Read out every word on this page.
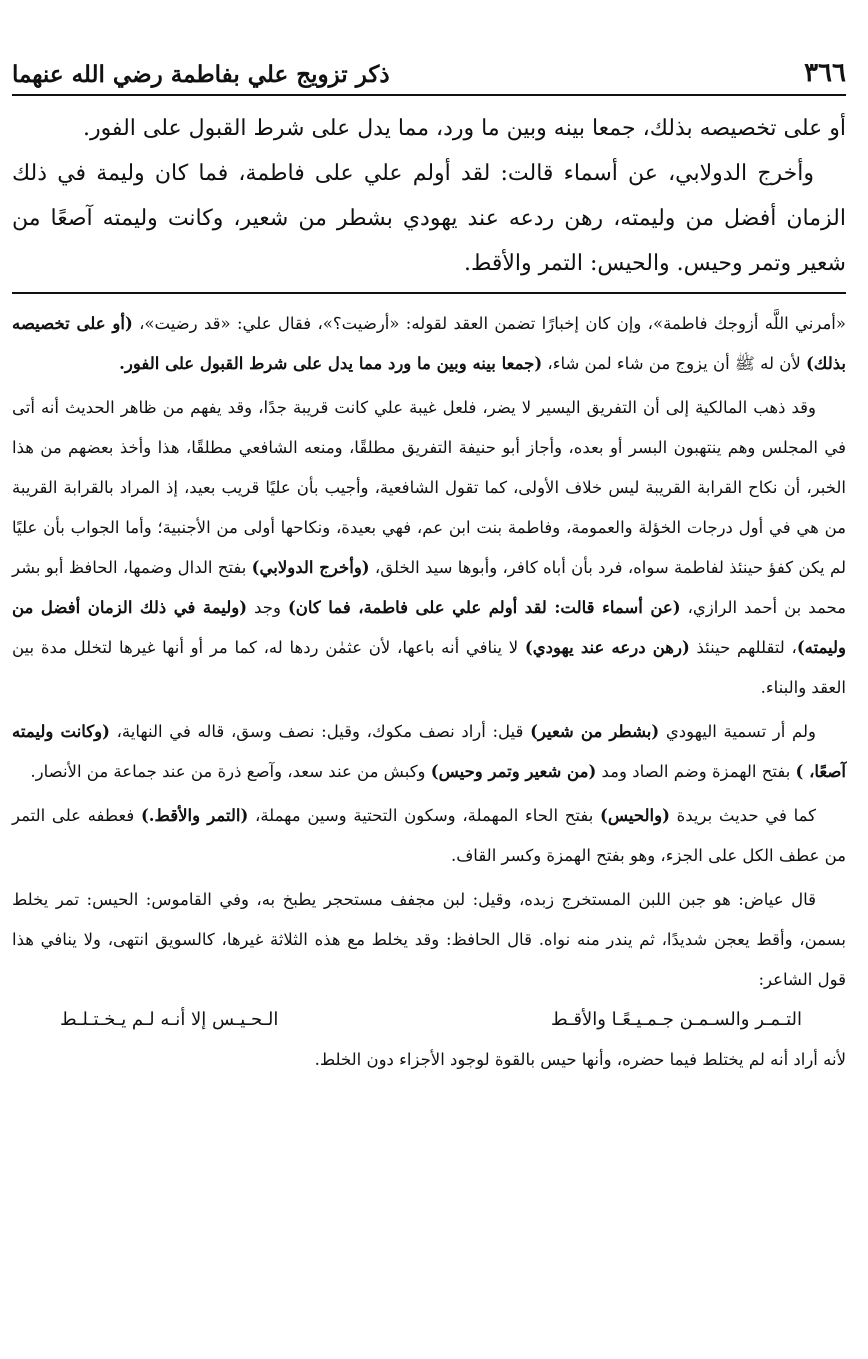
٣٦٦
ذكر تزويج علي بفاطمة رضي الله عنهما

أو على تخصيصه بذلك، جمعا بينه وبين ما ورد، مما يدل على شرط القبول على الفور.

وأخرج الدولابي، عن أسماء قالت: لقد أولم علي على فاطمة، فما كان وليمة في ذلك الزمان أفضل من وليمته، رهن ردعه عند يهودي بشطر من شعير، وكانت وليمته آصعًا من شعير وتمر وحيس. والحيس: التمر والأقط.

«أمرني اللَّه أزوجك فاطمة»، وإن كان إخبارًا تضمن العقد لقوله: «أرضيت؟»، فقال علي: «قد رضيت»، (أو على تخصيصه بذلك) لأن له ﷺ أن يزوج من شاء لمن شاء، (جمعا بينه وبين ما ورد مما يدل على شرط القبول على الفور.

وقد ذهب المالكية إلى أن التفريق اليسير لا يضر، فلعل غيبة علي كانت قريبة جدًا، وقد يفهم من ظاهر الحديث أنه أتى في المجلس وهم ينتهبون البسر أو بعده، وأجاز أبو حنيفة التفريق مطلقًا، ومنعه الشافعي مطلقًا، هذا وأخذ بعضهم من هذا الخبر، أن نكاح القرابة القريبة ليس خلاف الأولى، كما تقول الشافعية، وأجيب بأن عليًا قريب بعيد، إذ المراد بالقرابة القريبة من هي في أول درجات الخؤلة والعمومة، وفاطمة بنت ابن عم، فهي بعيدة، ونكاحها أولى من الأجنبية؛ وأما الجواب بأن عليًا لم يكن كفؤ حينئذ لفاطمة سواه، فرد بأن أباه كافر، وأبوها سيد الخلق، (وأخرج الدولابي) بفتح الدال وضمها، الحافظ أبو بشر محمد بن أحمد الرازي، (عن أسماء قالت: لقد أولم علي على فاطمة، فما كان) وجد (وليمة في ذلك الزمان أفضل من وليمته)، لتقللهم حينئذ (رهن درعه عند يهودي) لا ينافي أنه باعها، لأن عثمٰن ردها له، كما مر أو أنها غيرها لتخلل مدة بين العقد والبناء.

ولم أر تسمية اليهودي (بشطر من شعير) قيل: أراد نصف مكوك، وقيل: نصف وسق، قاله في النهاية، (وكانت وليمته آصعًا، ) بفتح الهمزة وضم الصاد ومد (من شعير وتمر وحيس) وكبش من عند سعد، وآصع ذرة من عند جماعة من الأنصار.

كما في حديث بريدة (والحيس) بفتح الحاء المهملة، وسكون التحتية وسين مهملة، (التمر والأقط.) فعطفه على التمر من عطف الكل على الجزء، وهو بفتح الهمزة وكسر القاف.

قال عياض: هو جبن اللبن المستخرج زبده، وقيل: لبن مجفف مستحجر يطبخ به، وفي القاموس: الحيس: تمر يخلط بسمن، وأقط يعجن شديدًا، ثم يندر منه نواه. قال الحافظ: وقد يخلط مع هذه الثلاثة غيرها، كالسويق انتهى، ولا ينافي هذا قول الشاعر:

التـمـر والسـمـن جـمـيـعًـا والأقـط
الـحـيـس إلا أنـه لـم يـخـتـلـط

لأنه أراد أنه لم يختلط فيما حضره، وأنها حيس بالقوة لوجود الأجزاء دون الخلط.
